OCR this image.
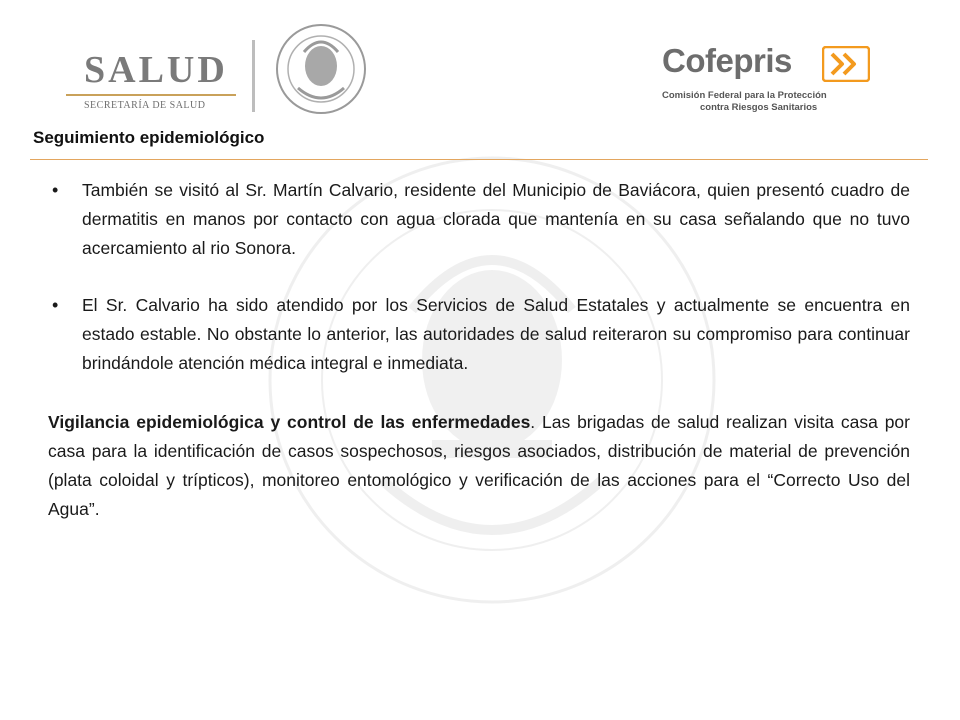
SALUD
SECRETARÍA DE SALUD
Cofepris
Comisión Federal para la Protección
contra Riesgos Sanitarios
Seguimiento epidemiológico

• También se visitó al Sr. Martín Calvario, residente del Municipio de Baviácora, quien presentó cuadro de dermatitis en manos por contacto con agua clorada que mantenía en su casa señalando que no tuvo acercamiento al rio Sonora.

• El Sr. Calvario ha sido atendido por los Servicios de Salud Estatales y actualmente se encuentra en estado estable. No obstante lo anterior, las autoridades de salud reiteraron su compromiso para continuar brindándole atención médica integral e inmediata.

Vigilancia epidemiológica y control de las enfermedades. Las brigadas de salud realizan visita casa por casa para la identificación de casos sospechosos, riesgos asociados, distribución de material de prevención (plata coloidal y trípticos), monitoreo entomológico y verificación de las acciones para el “Correcto Uso del Agua”.
